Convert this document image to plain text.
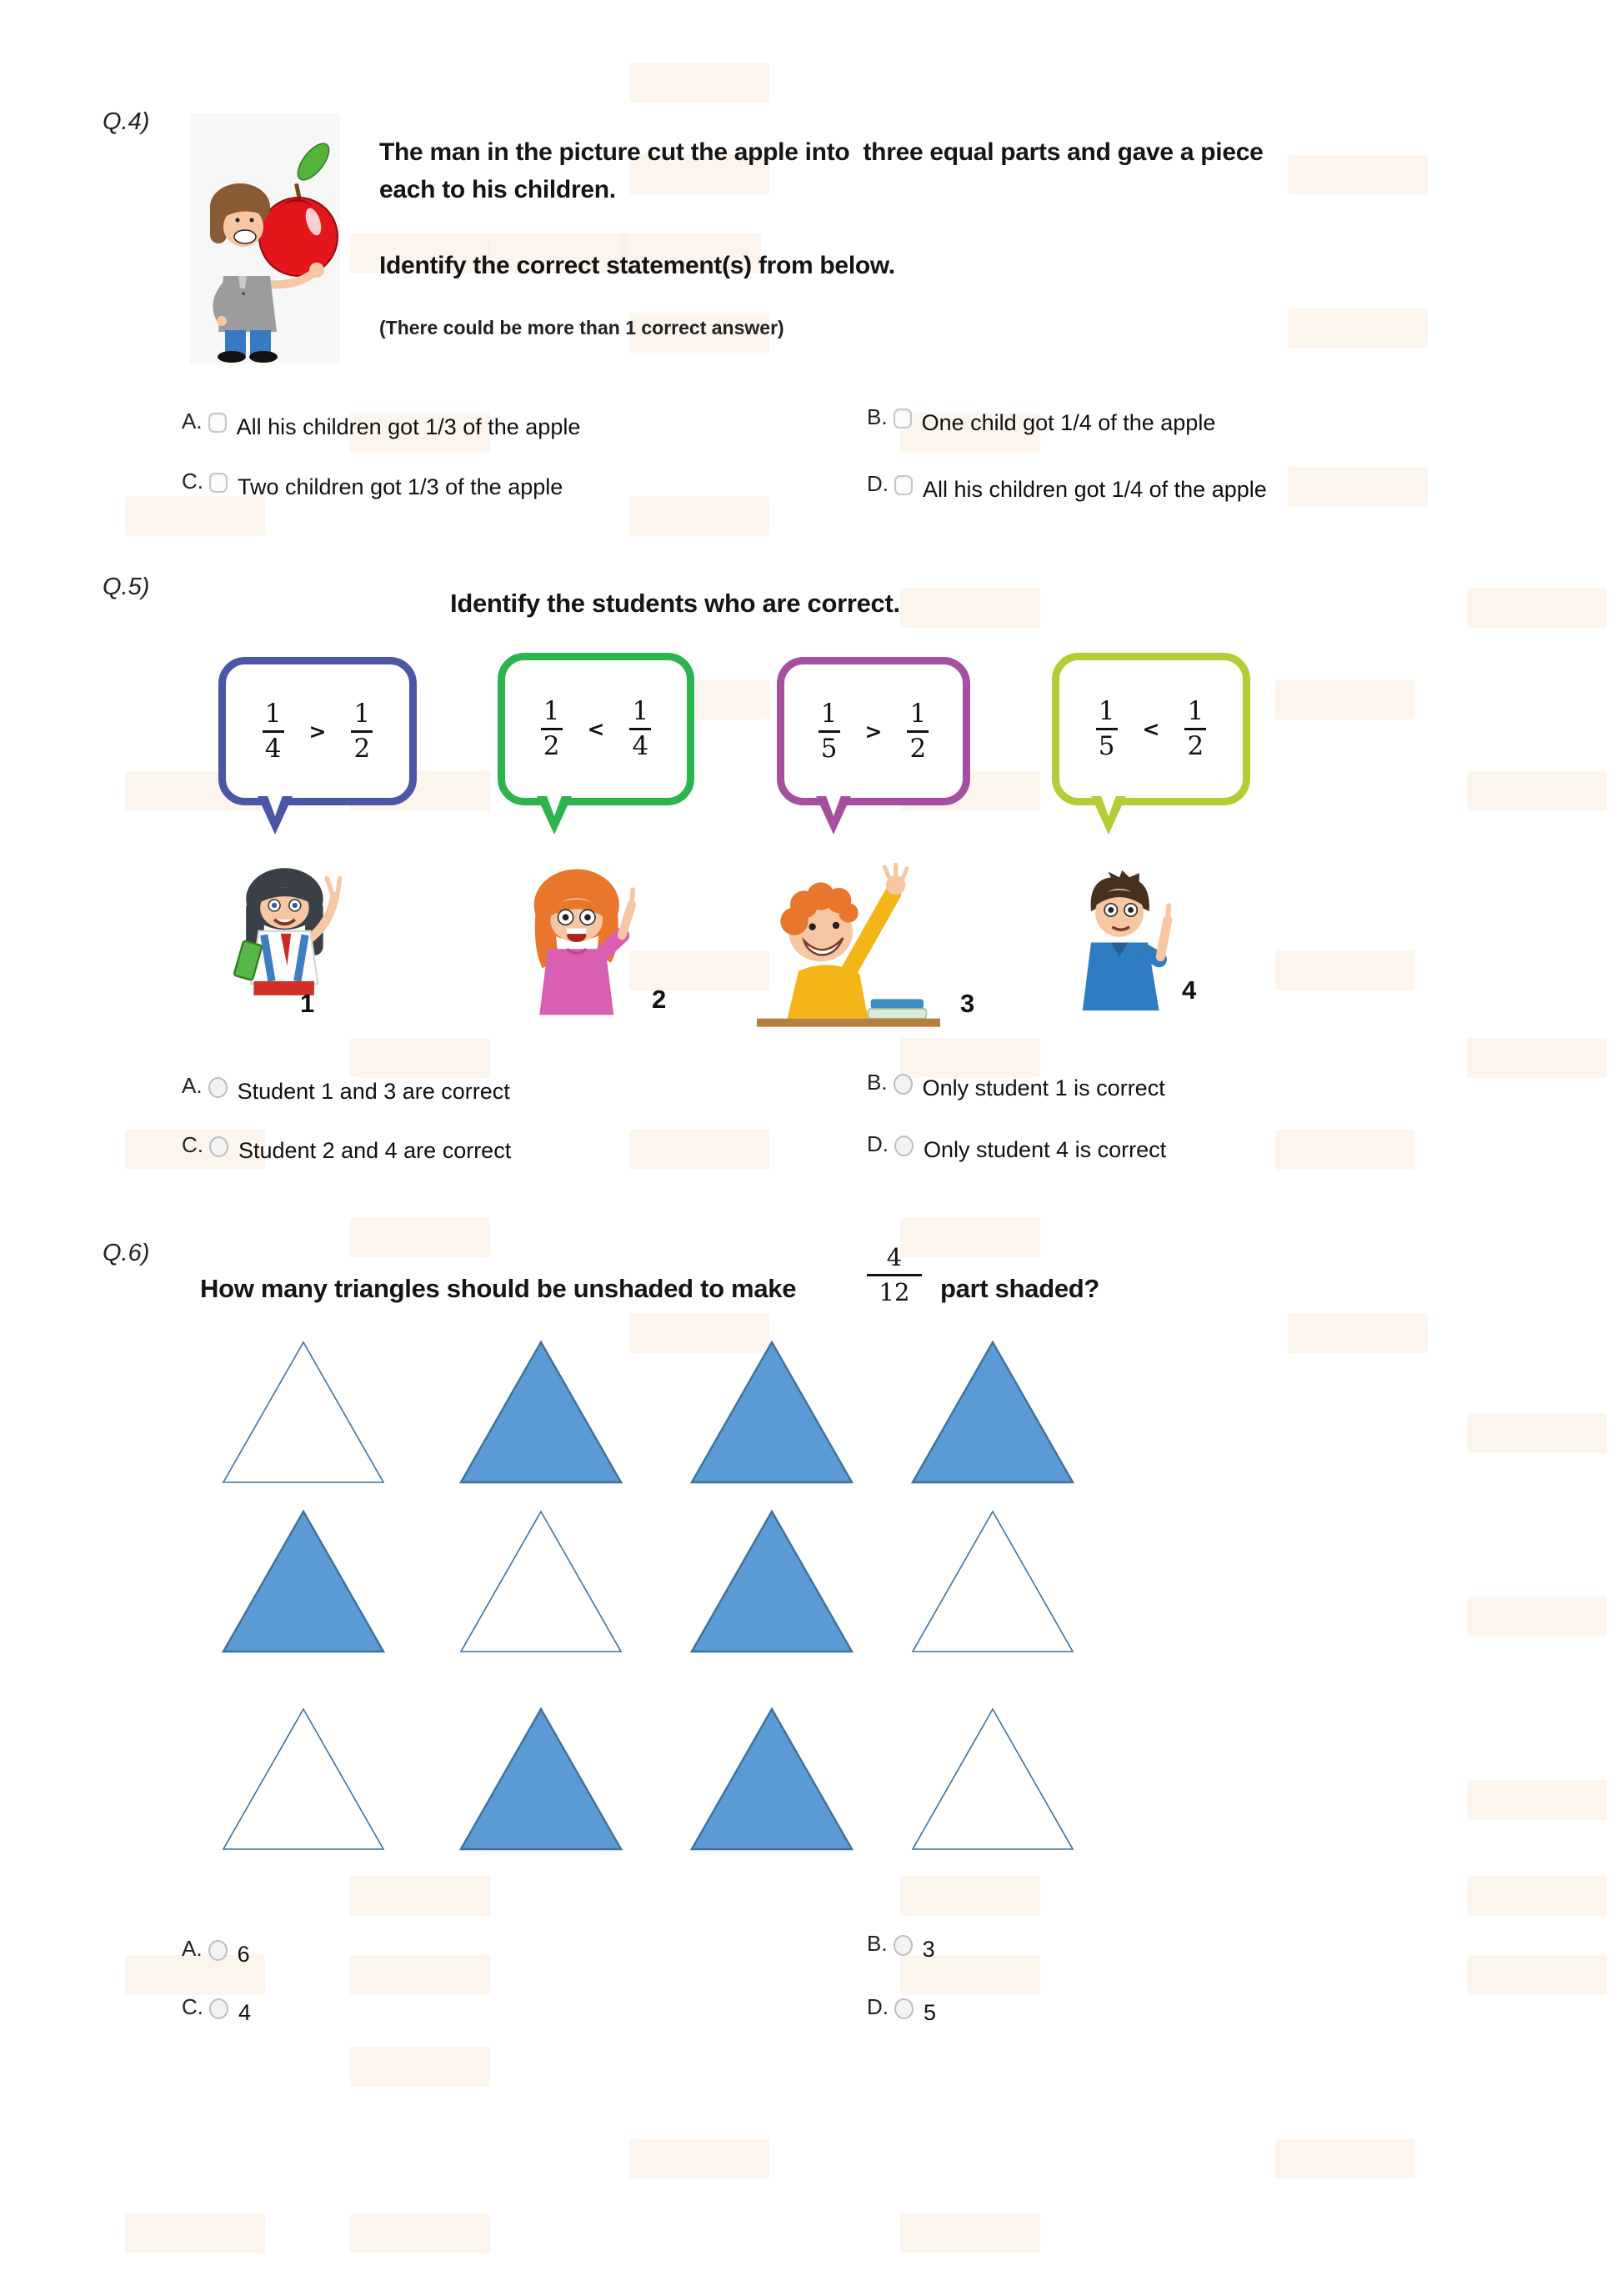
Q.4)
The man in the picture cut the apple into  three equal parts and gave a piece each to his children.
Identify the correct statement(s) from below.
(There could be more than 1 correct answer)
A. All his children got 1/3 of the apple	B. One child got 1/4 of the apple
C. Two children got 1/3 of the apple	D. All his children got 1/4 of the apple
Q.5)
Identify the students who are correct.
$\frac{1}{4} > \frac{1}{2}$	$\frac{1}{2} < \frac{1}{4}$	$\frac{1}{5} > \frac{1}{2}$	$\frac{1}{5} < \frac{1}{2}$
1	2	3	4
A. Student 1 and 3 are correct	B. Only student 1 is correct
C. Student 2 and 4 are correct	D. Only student 4 is correct
Q.6)
How many triangles should be unshaded to make
4
12 part shaded?
A. 6	B. 3
C. 4	D. 5
